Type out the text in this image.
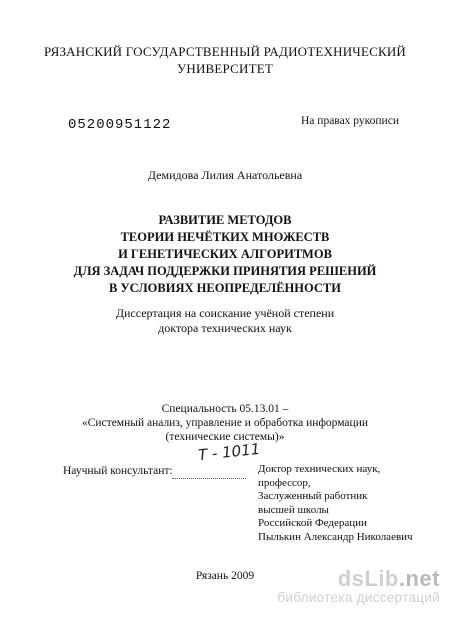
РЯЗАНСКИЙ ГОСУДАРСТВЕННЫЙ РАДИОТЕХНИЧЕСКИЙ
УНИВЕРСИТЕТ
05200951122	На правах рукописи
Демидова Лилия Анатольевна
РАЗВИТИЕ МЕТОДОВ
ТЕОРИИ НЕЧЁТКИХ МНОЖЕСТВ
И ГЕНЕТИЧЕСКИХ АЛГОРИТМОВ
ДЛЯ ЗАДАЧ ПОДДЕРЖКИ ПРИНЯТИЯ РЕШЕНИЙ
В УСЛОВИЯХ НЕОПРЕДЕЛЁННОСТИ
Диссертация на соискание учёной степени
доктора технических наук
Специальность 05.13.01 –
«Системный анализ, управление и обработка информации
(технические системы)»
Научный консультант:
Т - 1011
Доктор технических наук,
профессор,
Заслуженный работник
высшей школы
Российской Федерации
Пылькин Александр Николаевич
Рязань 2009	dsLib.net
библиотека диссертаций
